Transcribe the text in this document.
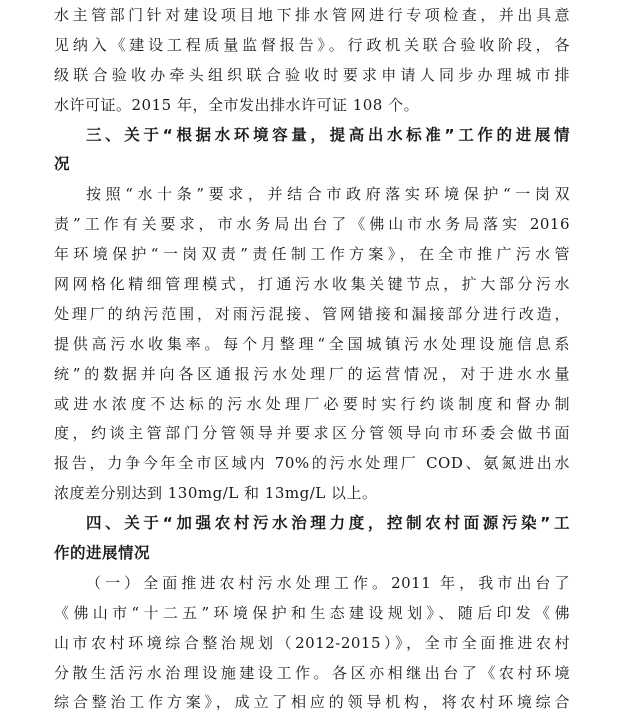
水主管部门针对建设项目地下排水管网进行专项检查，并出具意
见纳入《建设工程质量监督报告》。行政机关联合验收阶段，各
级联合验收办牵头组织联合验收时要求申请人同步办理城市排
水许可证。2015 年，全市发出排水许可证 108 个。
三、关于“根据水环境容量，提高出水标准”工作的进展情
况
按照“水十条”要求，并结合市政府落实环境保护“一岗双
责”工作有关要求，市水务局出台了《佛山市水务局落实 2016
年环境保护“一岗双责”责任制工作方案》，在全市推广污水管
网网格化精细管理模式，打通污水收集关键节点，扩大部分污水
处理厂的纳污范围，对雨污混接、管网错接和漏接部分进行改造，
提供高污水收集率。每个月整理“全国城镇污水处理设施信息系
统”的数据并向各区通报污水处理厂的运营情况，对于进水水量
或进水浓度不达标的污水处理厂必要时实行约谈制度和督办制
度，约谈主管部门分管领导并要求区分管领导向市环委会做书面
报告，力争今年全市区域内 70%的污水处理厂 COD、氨氮进出水
浓度差分别达到 130mg/L 和 13mg/L 以上。
四、关于“加强农村污水治理力度，控制农村面源污染”工
作的进展情况
（一）全面推进农村污水处理工作。2011 年，我市出台了
《佛山市“十二五”环境保护和生态建设规划》、随后印发《佛
山市农村环境综合整治规划（2012-2015）》，全市全面推进农村
分散生活污水治理设施建设工作。各区亦相继出台了《农村环境
综合整治工作方案》，成立了相应的领导机构，将农村环境综合
